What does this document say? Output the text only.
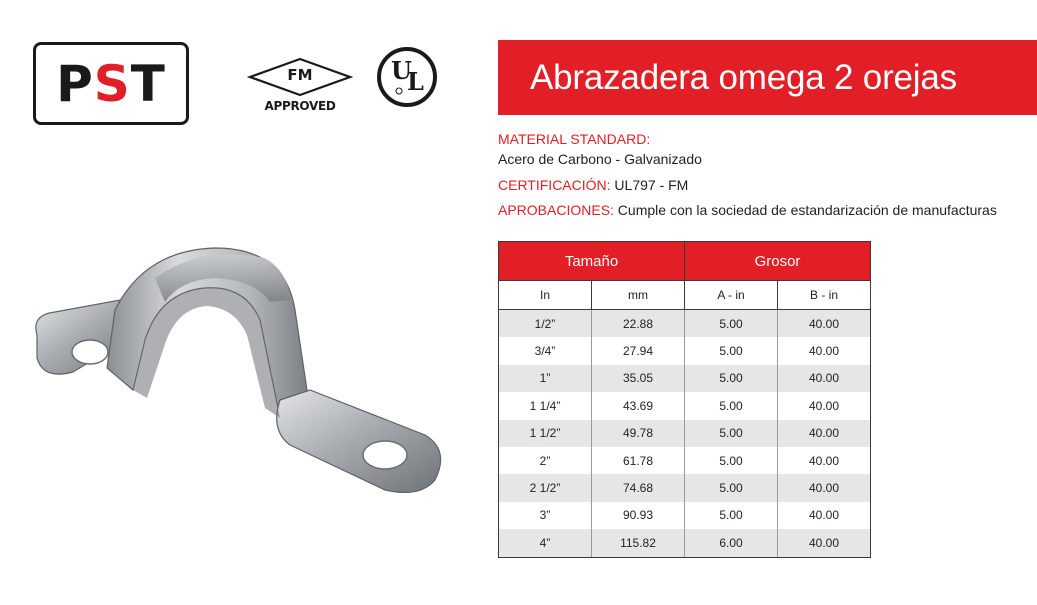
P S T	FM
APPROVED
U
L	Abrazadera omega 2 orejas
MATERIAL STANDARD:
Acero de Carbono - Galvanizado
CERTIFICACIÓN: UL797 - FM
APROBACIONES: Cumple con la sociedad de estandarización de manufacturas
Tamaño		Grosor	
In	mm	A - in	B - in
1/2”	22.88	5.00	40.00
3/4”	27.94	5.00	40.00
1”	35.05	5.00	40.00
1 1/4”	43.69	5.00	40.00
1 1/2”	49.78	5.00	40.00
2”	61.78	5.00	40.00
2 1/2”	74.68	5.00	40.00
3”	90.93	5.00	40.00
4”	115.82	6.00	40.00
